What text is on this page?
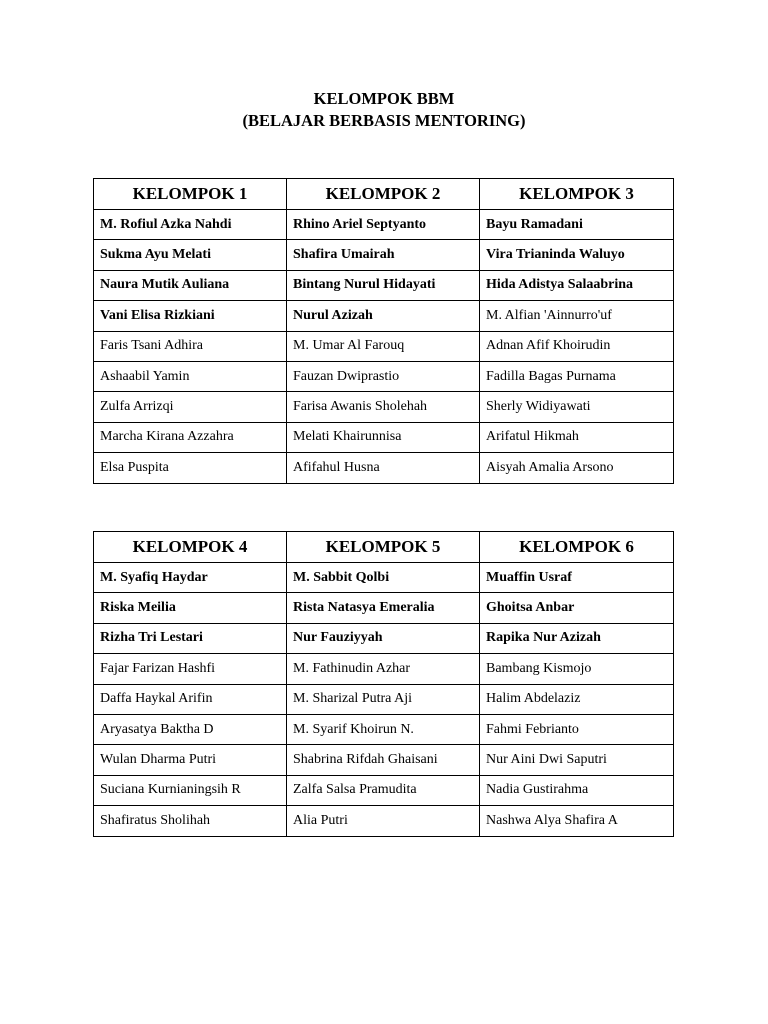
KELOMPOK BBM

(BELAJAR BERBASIS MENTORING)

KELOMPOK 1	KELOMPOK 2	KELOMPOK 3
M. Rofiul Azka Nahdi	Rhino Ariel Septyanto	Bayu Ramadani
Sukma Ayu Melati	Shafira Umairah	Vira Trianinda Waluyo
Naura Mutik Auliana	Bintang Nurul Hidayati	Hida Adistya Salaabrina
Vani Elisa Rizkiani	Nurul Azizah	M. Alfian 'Ainnurro'uf
Faris Tsani Adhira	M. Umar Al Farouq	Adnan Afif Khoirudin
Ashaabil Yamin	Fauzan Dwiprastio	Fadilla Bagas Purnama
Zulfa Arrizqi	Farisa Awanis Sholehah	Sherly Widiyawati
Marcha Kirana Azzahra	Melati Khairunnisa	Arifatul Hikmah
Elsa Puspita	Afifahul Husna	Aisyah Amalia Arsono
KELOMPOK 4	KELOMPOK 5	KELOMPOK 6
M. Syafiq Haydar	M. Sabbit Qolbi	Muaffin Usraf
Riska Meilia	Rista Natasya Emeralia	Ghoitsa Anbar
Rizha Tri Lestari	Nur Fauziyyah	Rapika Nur Azizah
Fajar Farizan Hashfi	M. Fathinudin Azhar	Bambang Kismojo
Daffa Haykal Arifin	M. Sharizal Putra Aji	Halim Abdelaziz
Aryasatya Baktha D	M. Syarif Khoirun N.	Fahmi Febrianto
Wulan Dharma Putri	Shabrina Rifdah Ghaisani	Nur Aini Dwi Saputri
Suciana Kurnianingsih R	Zalfa Salsa Pramudita	Nadia Gustirahma
Shafiratus Sholihah	Alia Putri	Nashwa Alya Shafira A
